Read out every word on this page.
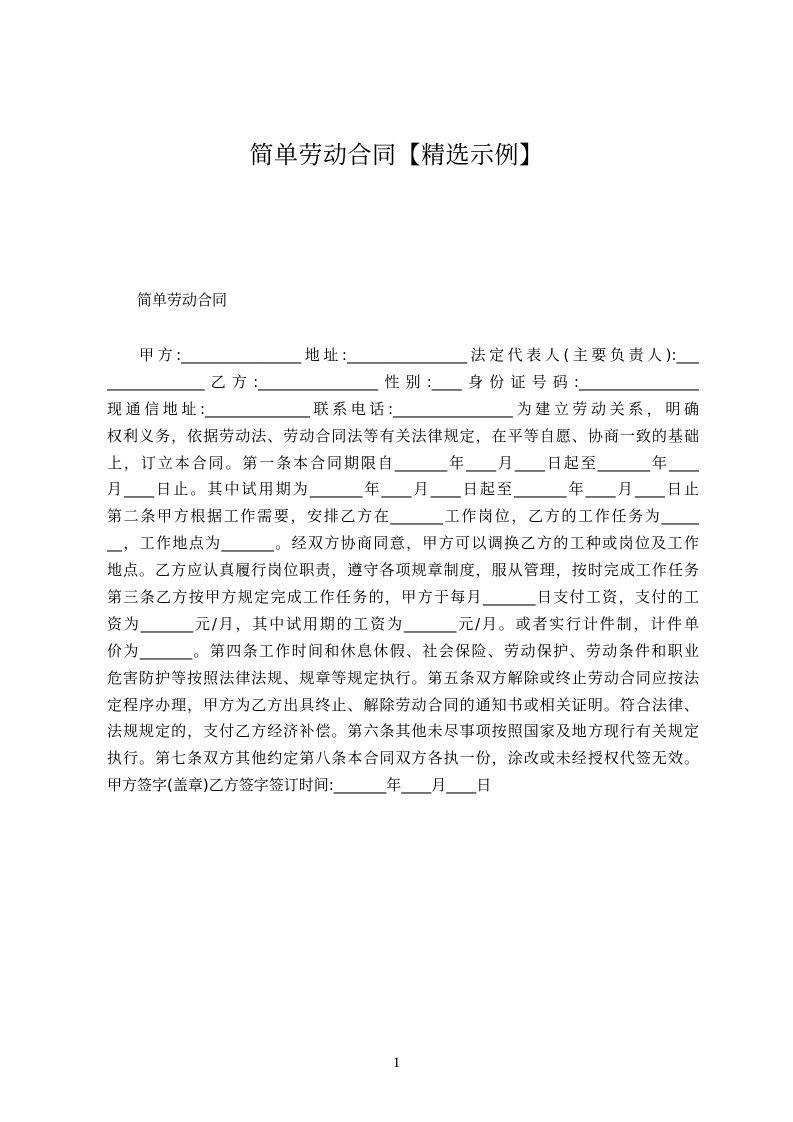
简单劳动合同【精选示例】
简单劳动合同
甲方:________________地址:________________法定代表人(主要负责人):___
_____________乙方:________________性别:____身份证号码:________________
现通信地址:______________联系电话:________________为建立劳动关系，明确
权利义务，依据劳动法、劳动合同法等有关法律规定，在平等自愿、协商一致的基础
上，订立本合同。第一条本合同期限自_______年____月____日起至_______年____
月____日止。其中试用期为_______年____月____日起至_______年____月____日止
第二条甲方根据工作需要，安排乙方在_______工作岗位，乙方的工作任务为_____
__，工作地点为_______。经双方协商同意，甲方可以调换乙方的工种或岗位及工作
地点。乙方应认真履行岗位职责，遵守各项规章制度，服从管理，按时完成工作任务
第三条乙方按甲方规定完成工作任务的，甲方于每月_______日支付工资，支付的工
资为_______元/月，其中试用期的工资为_______元/月。或者实行计件制，计件单
价为_______。第四条工作时间和休息休假、社会保险、劳动保护、劳动条件和职业
危害防护等按照法律法规、规章等规定执行。第五条双方解除或终止劳动合同应按法
定程序办理，甲方为乙方出具终止、解除劳动合同的通知书或相关证明。符合法律、
法规规定的，支付乙方经济补偿。第六条其他未尽事项按照国家及地方现行有关规定
执行。第七条双方其他约定第八条本合同双方各执一份，涂改或未经授权代签无效。
甲方签字(盖章)乙方签字签订时间:_______年____月____日
1
